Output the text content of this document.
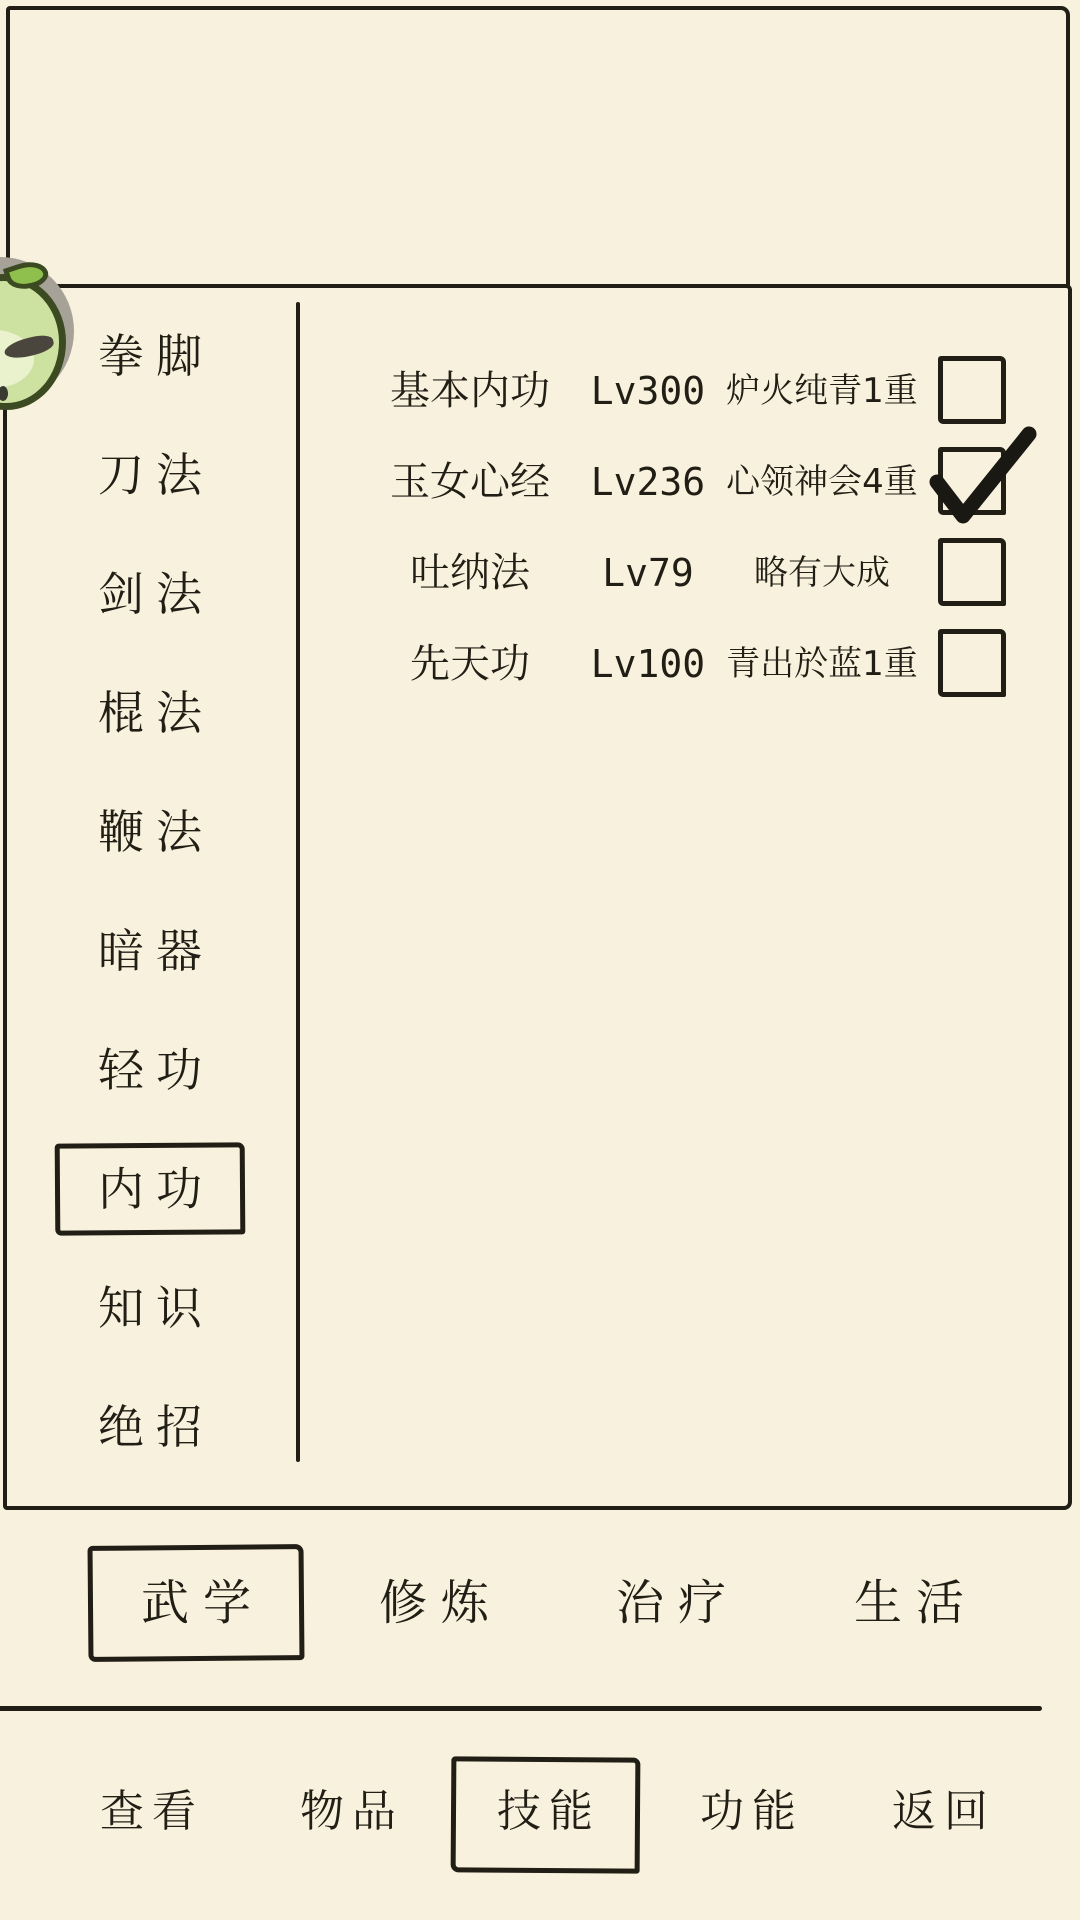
拳脚
刀法
剑法
棍法
鞭法
暗器
轻功
内功
知识
绝招
基本内功	Lv300 炉火纯青1重
玉女心经	Lv236 心领神会4重
吐纳法	Lv79	略有大成
先天功	Lv100 青出於蓝1重
武学 修炼 治疗 生活
查看 物品 技能 功能 返回
